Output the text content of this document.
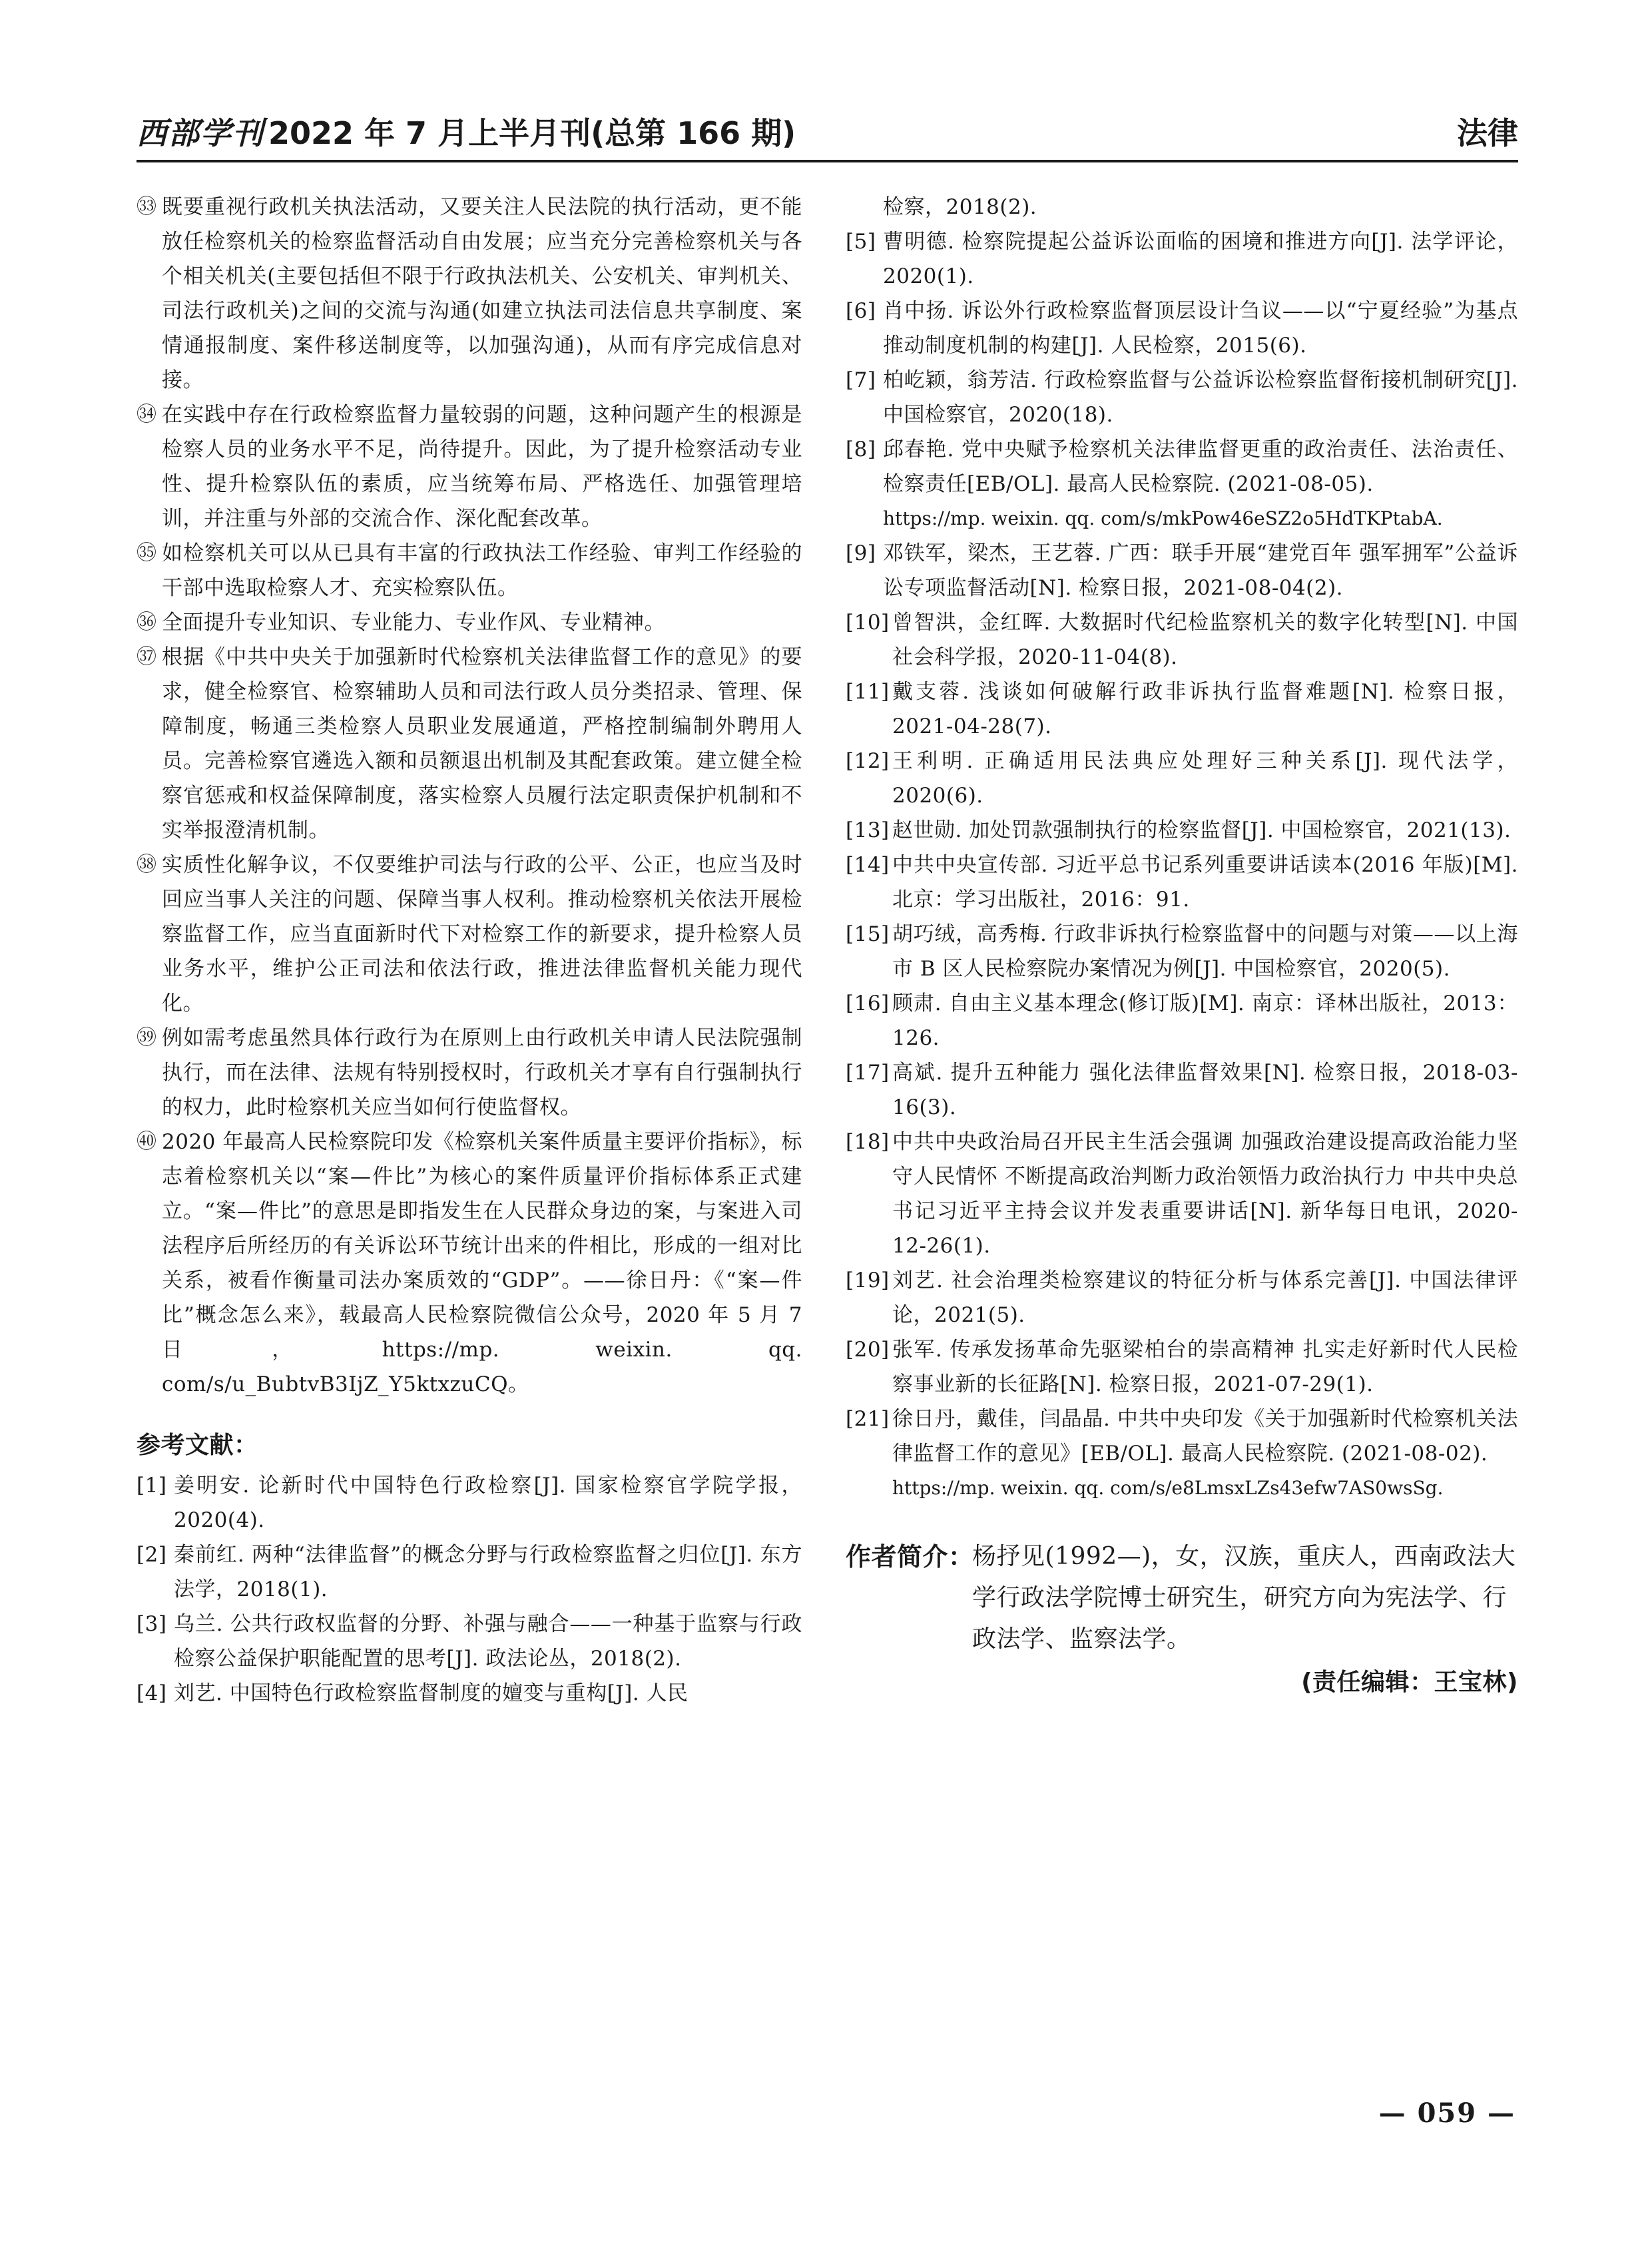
西部学刊 2022 年 7 月上半月刊(总第 166 期)	法律

㉝ 既要重视行政机关执法活动，又要关注人民法院的执行活动，更不能放任检察机关的检察监督活动自由发展；应当充分完善检察机关与各个相关机关(主要包括但不限于行政执法机关、公安机关、审判机关、司法行政机关)之间的交流与沟通(如建立执法司法信息共享制度、案情通报制度、案件移送制度等，以加强沟通)，从而有序完成信息对接。

㉞ 在实践中存在行政检察监督力量较弱的问题，这种问题产生的根源是检察人员的业务水平不足，尚待提升。因此，为了提升检察活动专业性、提升检察队伍的素质，应当统筹布局、严格选任、加强管理培训，并注重与外部的交流合作、深化配套改革。

㉟ 如检察机关可以从已具有丰富的行政执法工作经验、审判工作经验的干部中选取检察人才、充实检察队伍。

㊱ 全面提升专业知识、专业能力、专业作风、专业精神。

㊲ 根据《中共中央关于加强新时代检察机关法律监督工作的意见》的要求，健全检察官、检察辅助人员和司法行政人员分类招录、管理、保障制度，畅通三类检察人员职业发展通道，严格控制编制外聘用人员。完善检察官遴选入额和员额退出机制及其配套政策。建立健全检察官惩戒和权益保障制度，落实检察人员履行法定职责保护机制和不实举报澄清机制。

㊳ 实质性化解争议，不仅要维护司法与行政的公平、公正，也应当及时回应当事人关注的问题、保障当事人权利。推动检察机关依法开展检察监督工作，应当直面新时代下对检察工作的新要求，提升检察人员业务水平，维护公正司法和依法行政，推进法律监督机关能力现代化。

㊴ 例如需考虑虽然具体行政行为在原则上由行政机关申请人民法院强制执行，而在法律、法规有特别授权时，行政机关才享有自行强制执行的权力，此时检察机关应当如何行使监督权。

㊵ 2020 年最高人民检察院印发《检察机关案件质量主要评价指标》，标志着检察机关以“案—件比”为核心的案件质量评价指标体系正式建立。“案—件比”的意思是即指发生在人民群众身边的案，与案进入司法程序后所经历的有关诉讼环节统计出来的件相比，形成的一组对比关系，被看作衡量司法办案质效的“GDP”。——徐日丹：《“案—件比”概念怎么来》，载最高人民检察院微信公众号，2020 年 5 月 7 日，https://mp. weixin. qq. com/s/u_BubtvB3IjZ_Y5ktxzuCQ。

参考文献：

[1] 姜明安. 论新时代中国特色行政检察[J]. 国家检察官学院学报，2020(4).

[2] 秦前红. 两种“法律监督”的概念分野与行政检察监督之归位[J]. 东方法学，2018(1).

[3] 乌兰. 公共行政权监督的分野、补强与融合——一种基于监察与行政检察公益保护职能配置的思考[J]. 政法论丛，2018(2).

[4] 刘艺. 中国特色行政检察监督制度的嬗变与重构[J]. 人民

检察，2018(2).

[5] 曹明德. 检察院提起公益诉讼面临的困境和推进方向[J]. 法学评论，2020(1).

[6] 肖中扬. 诉讼外行政检察监督顶层设计刍议——以“宁夏经验”为基点推动制度机制的构建[J]. 人民检察，2015(6).

[7] 柏屹颖，翁芳洁. 行政检察监督与公益诉讼检察监督衔接机制研究[J]. 中国检察官，2020(18).

[8] 邱春艳. 党中央赋予检察机关法律监督更重的政治责任、法治责任、检察责任[EB/OL]. 最高人民检察院. (2021-08-05).
https://mp. weixin. qq. com/s/mkPow46eSZ2o5HdTKPtabA.

[9] 邓铁军，梁杰，王艺蓉. 广西：联手开展“建党百年 强军拥军”公益诉讼专项监督活动[N]. 检察日报，2021-08-04(2).

[10] 曾智洪，金红晖. 大数据时代纪检监察机关的数字化转型[N]. 中国社会科学报，2020-11-04(8).

[11] 戴支蓉. 浅谈如何破解行政非诉执行监督难题[N]. 检察日报，2021-04-28(7).

[12] 王利明. 正确适用民法典应处理好三种关系[J]. 现代法学，2020(6).

[13] 赵世勋. 加处罚款强制执行的检察监督[J]. 中国检察官，2021(13).

[14] 中共中央宣传部. 习近平总书记系列重要讲话读本(2016 年版)[M]. 北京：学习出版社，2016：91.

[15] 胡巧绒，高秀梅. 行政非诉执行检察监督中的问题与对策——以上海市 B 区人民检察院办案情况为例[J]. 中国检察官，2020(5).

[16] 顾肃. 自由主义基本理念(修订版)[M]. 南京：译林出版社，2013：126.

[17] 高斌. 提升五种能力 强化法律监督效果[N]. 检察日报，2018-03-16(3).

[18] 中共中央政治局召开民主生活会强调 加强政治建设提高政治能力坚守人民情怀 不断提高政治判断力政治领悟力政治执行力 中共中央总书记习近平主持会议并发表重要讲话[N]. 新华每日电讯，2020-12-26(1).

[19] 刘艺. 社会治理类检察建议的特征分析与体系完善[J]. 中国法律评论，2021(5).

[20] 张军. 传承发扬革命先驱梁柏台的崇高精神 扎实走好新时代人民检察事业新的长征路[N]. 检察日报，2021-07-29(1).

[21] 徐日丹，戴佳，闫晶晶. 中共中央印发《关于加强新时代检察机关法律监督工作的意见》[EB/OL]. 最高人民检察院. (2021-08-02).
https://mp. weixin. qq. com/s/e8LmsxLZs43efw7AS0wsSg.

作者简介：
杨抒见(1992—)，女，汉族，重庆人，西南政法大学行政法学院博士研究生，研究方向为宪法学、行政法学、监察法学。
(责任编辑：王宝林)
— 059 —
